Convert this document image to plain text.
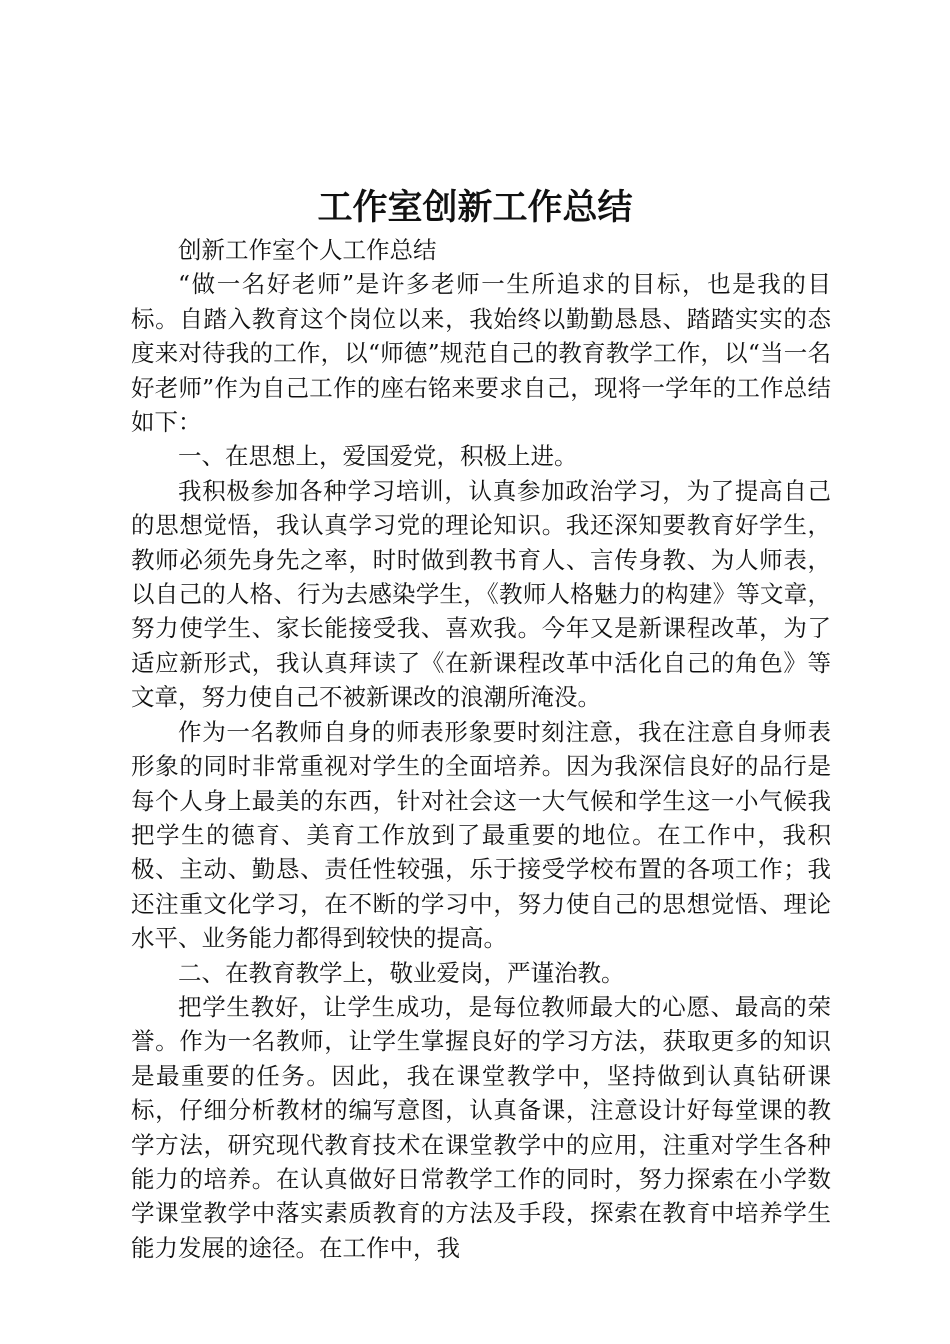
工作室创新工作总结

创新工作室个人工作总结

“做一名好老师”是许多老师一生所追求的目标，也是我的目标。自踏入教育这个岗位以来，我始终以勤勤恳恳、踏踏实实的态度来对待我的工作，以“师德”规范自己的教育教学工作，以“当一名好老师”作为自己工作的座右铭来要求自己，现将一学年的工作总结如下：

一、在思想上，爱国爱党，积极上进。

我积极参加各种学习培训，认真参加政治学习，为了提高自己的思想觉悟，我认真学习党的理论知识。我还深知要教育好学生，教师必须先身先之率，时时做到教书育人、言传身教、为人师表，以自己的人格、行为去感染学生，《教师人格魅力的构建》等文章，努力使学生、家长能接受我、喜欢我。今年又是新课程改革，为了适应新形式，我认真拜读了《在新课程改革中活化自己的角色》等文章，努力使自己不被新课改的浪潮所淹没。

作为一名教师自身的师表形象要时刻注意，我在注意自身师表形象的同时非常重视对学生的全面培养。因为我深信良好的品行是每个人身上最美的东西，针对社会这一大气候和学生这一小气候我把学生的德育、美育工作放到了最重要的地位。在工作中，我积极、主动、勤恳、责任性较强，乐于接受学校布置的各项工作；我还注重文化学习，在不断的学习中，努力使自己的思想觉悟、理论水平、业务能力都得到较快的提高。

二、在教育教学上，敬业爱岗，严谨治教。

把学生教好，让学生成功，是每位教师最大的心愿、最高的荣誉。作为一名教师，让学生掌握良好的学习方法，获取更多的知识是最重要的任务。因此，我在课堂教学中，坚持做到认真钻研课标，仔细分析教材的编写意图，认真备课，注意设计好每堂课的教学方法，研究现代教育技术在课堂教学中的应用，注重对学生各种能力的培养。在认真做好日常教学工作的同时，努力探索在小学数学课堂教学中落实素质教育的方法及手段，探索在教育中培养学生能力发展的途径。在工作中，我
